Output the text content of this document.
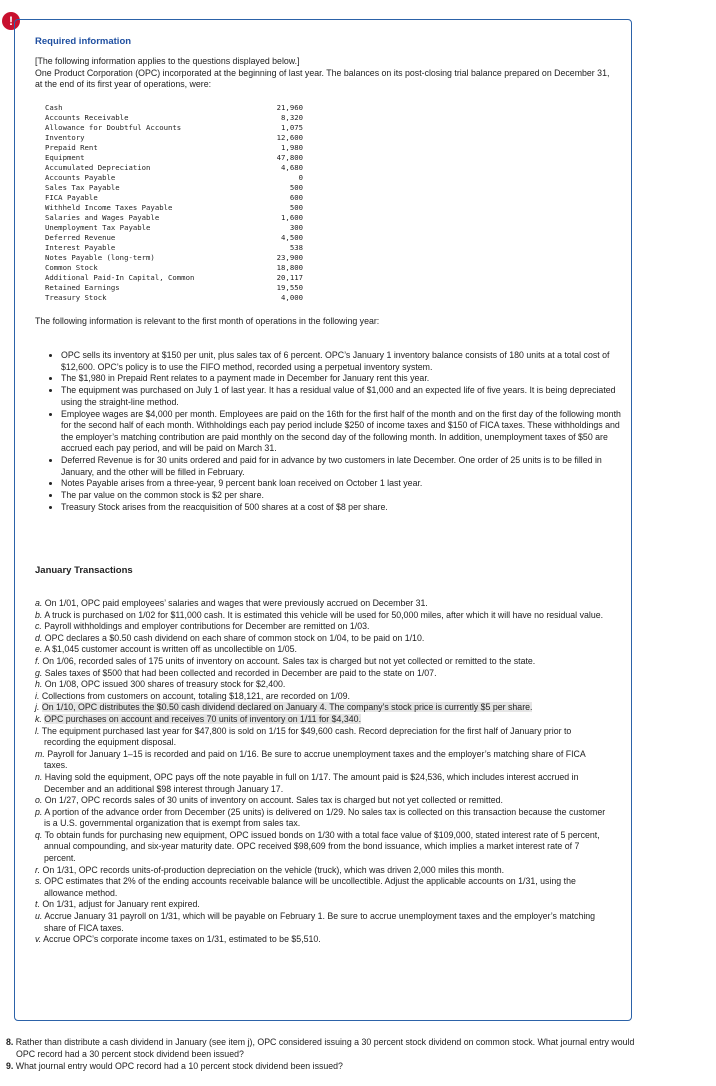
!
Required information
[The following information applies to the questions displayed below.]
One Product Corporation (OPC) incorporated at the beginning of last year. The balances on its post-closing trial balance prepared on December 31, at the end of its first year of operations, were:
Cash	21,960
Accounts Receivable	8,320
Allowance for Doubtful Accounts	1,075
Inventory	12,600
Prepaid Rent	1,980
Equipment	47,800
Accumulated Depreciation	4,680
Accounts Payable	0
Sales Tax Payable	500
FICA Payable	600
Withheld Income Taxes Payable	500
Salaries and Wages Payable	1,600
Unemployment Tax Payable	300
Deferred Revenue	4,500
Interest Payable	538
Notes Payable (long-term)	23,900
Common Stock	18,800
Additional Paid-In Capital, Common	20,117
Retained Earnings	19,550
Treasury Stock	4,000
The following information is relevant to the first month of operations in the following year:
• OPC sells its inventory at $150 per unit, plus sales tax of 6 percent. OPC’s January 1 inventory balance consists of 180 units at a total cost of $12,600. OPC’s policy is to use the FIFO method, recorded using a perpetual inventory system.
• The $1,980 in Prepaid Rent relates to a payment made in December for January rent this year.
• The equipment was purchased on July 1 of last year. It has a residual value of $1,000 and an expected life of five years. It is being depreciated using the straight-line method.
• Employee wages are $4,000 per month. Employees are paid on the 16th for the first half of the month and on the first day of the following month for the second half of each month. Withholdings each pay period include $250 of income taxes and $150 of FICA taxes. These withholdings and the employer’s matching contribution are paid monthly on the second day of the following month. In addition, unemployment taxes of $50 are accrued each pay period, and will be paid on March 31.
• Deferred Revenue is for 30 units ordered and paid for in advance by two customers in late December. One order of 25 units is to be filled in January, and the other will be filled in February.
• Notes Payable arises from a three-year, 9 percent bank loan received on October 1 last year.
• The par value on the common stock is $2 per share.
• Treasury Stock arises from the reacquisition of 500 shares at a cost of $8 per share.
January Transactions
a. On 1/01, OPC paid employees’ salaries and wages that were previously accrued on December 31.
b. A truck is purchased on 1/02 for $11,000 cash. It is estimated this vehicle will be used for 50,000 miles, after which it will have no residual value.
c. Payroll withholdings and employer contributions for December are remitted on 1/03.
d. OPC declares a $0.50 cash dividend on each share of common stock on 1/04, to be paid on 1/10.
e. A $1,045 customer account is written off as uncollectible on 1/05.
f. On 1/06, recorded sales of 175 units of inventory on account. Sales tax is charged but not yet collected or remitted to the state.
g. Sales taxes of $500 that had been collected and recorded in December are paid to the state on 1/07.
h. On 1/08, OPC issued 300 shares of treasury stock for $2,400.
i. Collections from customers on account, totaling $18,121, are recorded on 1/09.
j. On 1/10, OPC distributes the $0.50 cash dividend declared on January 4. The company’s stock price is currently $5 per share.
k. OPC purchases on account and receives 70 units of inventory on 1/11 for $4,340.
l. The equipment purchased last year for $47,800 is sold on 1/15 for $49,600 cash. Record depreciation for the first half of January prior to recording the equipment disposal.
m. Payroll for January 1–15 is recorded and paid on 1/16. Be sure to accrue unemployment taxes and the employer’s matching share of FICA taxes.
n. Having sold the equipment, OPC pays off the note payable in full on 1/17. The amount paid is $24,536, which includes interest accrued in December and an additional $98 interest through January 17.
o. On 1/27, OPC records sales of 30 units of inventory on account. Sales tax is charged but not yet collected or remitted.
p. A portion of the advance order from December (25 units) is delivered on 1/29. No sales tax is collected on this transaction because the customer is a U.S. governmental organization that is exempt from sales tax.
q. To obtain funds for purchasing new equipment, OPC issued bonds on 1/30 with a total face value of $109,000, stated interest rate of 5 percent, annual compounding, and six-year maturity date. OPC received $98,609 from the bond issuance, which implies a market interest rate of 7 percent.
r. On 1/31, OPC records units-of-production depreciation on the vehicle (truck), which was driven 2,000 miles this month.
s. OPC estimates that 2% of the ending accounts receivable balance will be uncollectible. Adjust the applicable accounts on 1/31, using the allowance method.
t. On 1/31, adjust for January rent expired.
u. Accrue January 31 payroll on 1/31, which will be payable on February 1. Be sure to accrue unemployment taxes and the employer’s matching share of FICA taxes.
v. Accrue OPC’s corporate income taxes on 1/31, estimated to be $5,510.
8. Rather than distribute a cash dividend in January (see item j), OPC considered issuing a 30 percent stock dividend on common stock. What journal entry would OPC record had a 30 percent stock dividend been issued?
9. What journal entry would OPC record had a 10 percent stock dividend been issued?
